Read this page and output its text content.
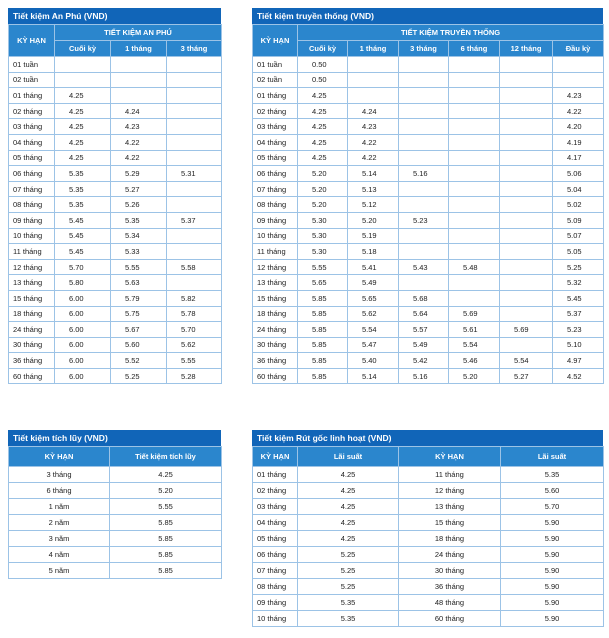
Tiết kiệm An Phú (VND)
KỲ HẠN	TIẾT KIỆM AN PHÚ		
	Cuối kỳ	1 tháng	3 tháng
01 tuần			
02 tuần			
01 tháng	4.25		
02 tháng	4.25	4.24	
03 tháng	4.25	4.23	
04 tháng	4.25	4.22	
05 tháng	4.25	4.22	
06 tháng	5.35	5.29	5.31
07 tháng	5.35	5.27	
08 tháng	5.35	5.26	
09 tháng	5.45	5.35	5.37
10 tháng	5.45	5.34	
11 tháng	5.45	5.33	
12 tháng	5.70	5.55	5.58
13 tháng	5.80	5.63	
15 tháng	6.00	5.79	5.82
18 tháng	6.00	5.75	5.78
24 tháng	6.00	5.67	5.70
30 tháng	6.00	5.60	5.62
36 tháng	6.00	5.52	5.55
60 tháng	6.00	5.25	5.28
Tiết kiệm truyền thống (VND)
KỲ HẠN	TIẾT KIỆM TRUYỀN THỐNG					
	Cuối kỳ	1 tháng	3 tháng	6 tháng	12 tháng	Đầu kỳ
01 tuần	0.50					
02 tuần	0.50					
01 tháng	4.25					4.23
02 tháng	4.25	4.24				4.22
03 tháng	4.25	4.23				4.20
04 tháng	4.25	4.22				4.19
05 tháng	4.25	4.22				4.17
06 tháng	5.20	5.14	5.16			5.06
07 tháng	5.20	5.13				5.04
08 tháng	5.20	5.12				5.02
09 tháng	5.30	5.20	5.23			5.09
10 tháng	5.30	5.19				5.07
11 tháng	5.30	5.18				5.05
12 tháng	5.55	5.41	5.43	5.48		5.25
13 tháng	5.65	5.49				5.32
15 tháng	5.85	5.65	5.68			5.45
18 tháng	5.85	5.62	5.64	5.69		5.37
24 tháng	5.85	5.54	5.57	5.61	5.69	5.23
30 tháng	5.85	5.47	5.49	5.54		5.10
36 tháng	5.85	5.40	5.42	5.46	5.54	4.97
60 tháng	5.85	5.14	5.16	5.20	5.27	4.52
Tiết kiệm tích lũy (VND)
KỲ HẠN	Tiết kiệm tích lũy
3 tháng	4.25
6 tháng	5.20
1 năm	5.55
2 năm	5.85
3 năm	5.85
4 năm	5.85
5 năm	5.85
Tiết kiệm Rút gốc linh hoạt (VND)
KỲ HẠN	Lãi suất	KỲ HẠN	Lãi suất
01 tháng	4.25	11 tháng	5.35
02 tháng	4.25	12 tháng	5.60
03 tháng	4.25	13 tháng	5.70
04 tháng	4.25	15 tháng	5.90
05 tháng	4.25	18 tháng	5.90
06 tháng	5.25	24 tháng	5.90
07 tháng	5.25	30 tháng	5.90
08 tháng	5.25	36 tháng	5.90
09 tháng	5.35	48 tháng	5.90
10 tháng	5.35	60 tháng	5.90
